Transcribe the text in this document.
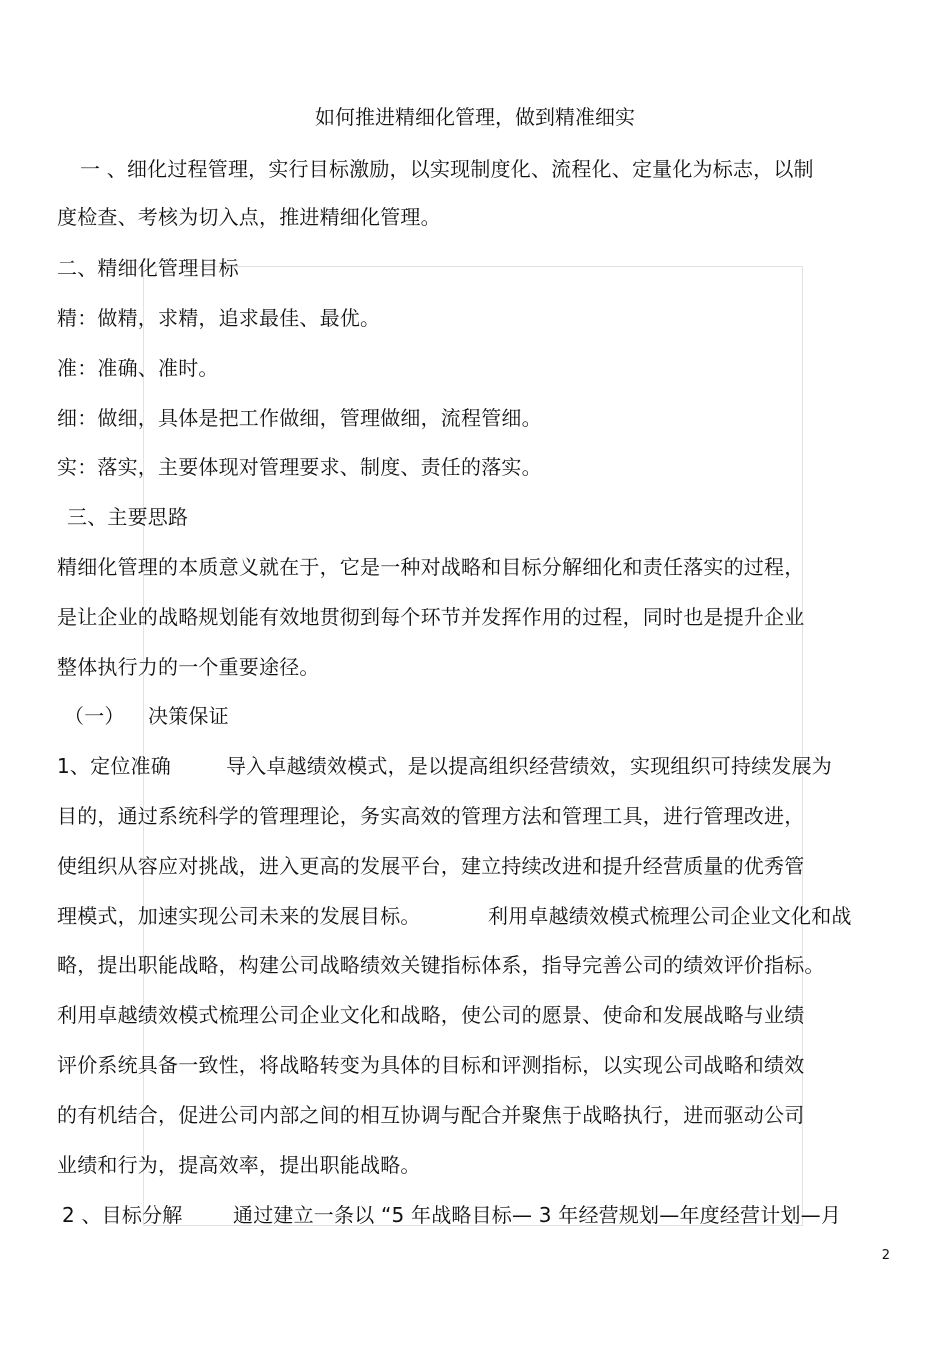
如何推进精细化管理，做到精准细实
一 、细化过程管理，实行目标激励，以实现制度化、流程化、定量化为标志，以制
度检查、考核为切入点，推进精细化管理。
二、精细化管理目标
精：做精，求精，追求最佳、最优。
准：准确、准时。
细：做细，具体是把工作做细，管理做细，流程管细。
实：落实，主要体现对管理要求、制度、责任的落实。
三、主要思路
精细化管理的本质意义就在于，它是一种对战略和目标分解细化和责任落实的过程，
是让企业的战略规划能有效地贯彻到每个环节并发挥作用的过程，同时也是提升企业
整体执行力的一个重要途径。
（一） 决策保证
1、定位准确	导入卓越绩效模式，是以提高组织经营绩效，实现组织可持续发展为
目的，通过系统科学的管理理论，务实高效的管理方法和管理工具，进行管理改进，
使组织从容应对挑战，进入更高的发展平台，建立持续改进和提升经营质量的优秀管
理模式，加速实现公司未来的发展目标。	利用卓越绩效模式梳理公司企业文化和战
略，提出职能战略，构建公司战略绩效关键指标体系，指导完善公司的绩效评价指标。
利用卓越绩效模式梳理公司企业文化和战略，使公司的愿景、使命和发展战略与业绩
评价系统具备一致性，将战略转变为具体的目标和评测指标，以实现公司战略和绩效
的有机结合，促进公司内部之间的相互协调与配合并聚焦于战略执行，进而驱动公司
业绩和行为，提高效率，提出职能战略。
2 、目标分解	通过建立一条以 “5 年战略目标— 3 年经营规划—年度经营计划—月
2
